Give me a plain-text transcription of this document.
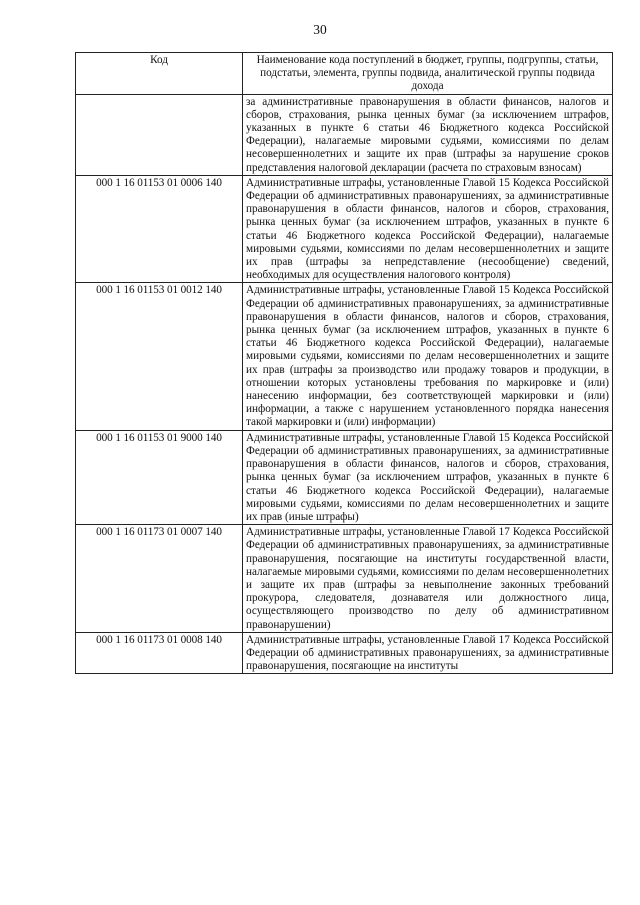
30
Код	Наименование кода поступлений в бюджет, группы, подгруппы, статьи, подстатьи, элемента, группы подвида, аналитической группы подвида дохода
	за административные правонарушения в области финансов, налогов и сборов, страхования, рынка ценных бумаг (за исключением штрафов, указанных в пункте 6 статьи 46 Бюджетного кодекса Российской Федерации), налагаемые мировыми судьями, комиссиями по делам несовершеннолетних и защите их прав (штрафы за нарушение сроков представления налоговой декларации (расчета по страховым взносам)
000 1 16 01153 01 0006 140	Административные штрафы, установленные Главой 15 Кодекса Российской Федерации об административных правонарушениях, за административные правонарушения в области финансов, налогов и сборов, страхования, рынка ценных бумаг (за исключением штрафов, указанных в пункте 6 статьи 46 Бюджетного кодекса Российской Федерации), налагаемые мировыми судьями, комиссиями по делам несовершеннолетних и защите их прав (штрафы за непредставление (несообщение) сведений, необходимых для осуществления налогового контроля)
000 1 16 01153 01 0012 140	Административные штрафы, установленные Главой 15 Кодекса Российской Федерации об административных правонарушениях, за административные правонарушения в области финансов, налогов и сборов, страхования, рынка ценных бумаг (за исключением штрафов, указанных в пункте 6 статьи 46 Бюджетного кодекса Российской Федерации), налагаемые мировыми судьями, комиссиями по делам несовершеннолетних и защите их прав (штрафы за производство или продажу товаров и продукции, в отношении которых установлены требования по маркировке и (или) нанесению информации, без соответствующей маркировки и (или) информации, а также с нарушением установленного порядка нанесения такой маркировки и (или) информации)
000 1 16 01153 01 9000 140	Административные штрафы, установленные Главой 15 Кодекса Российской Федерации об административных правонарушениях, за административные правонарушения в области финансов, налогов и сборов, страхования, рынка ценных бумаг (за исключением штрафов, указанных в пункте 6 статьи 46 Бюджетного кодекса Российской Федерации), налагаемые мировыми судьями, комиссиями по делам несовершеннолетних и защите их прав (иные штрафы)
000 1 16 01173 01 0007 140	Административные штрафы, установленные Главой 17 Кодекса Российской Федерации об административных правонарушениях, за административные правонарушения, посягающие на институты государственной власти, налагаемые мировыми судьями, комиссиями по делам несовершеннолетних и защите их прав (штрафы за невыполнение законных требований прокурора, следователя, дознавателя или должностного лица, осуществляющего производство по делу об административном правонарушении)
000 1 16 01173 01 0008 140	Административные штрафы, установленные Главой 17 Кодекса Российской Федерации об административных правонарушениях, за административные правонарушения, посягающие на институты
